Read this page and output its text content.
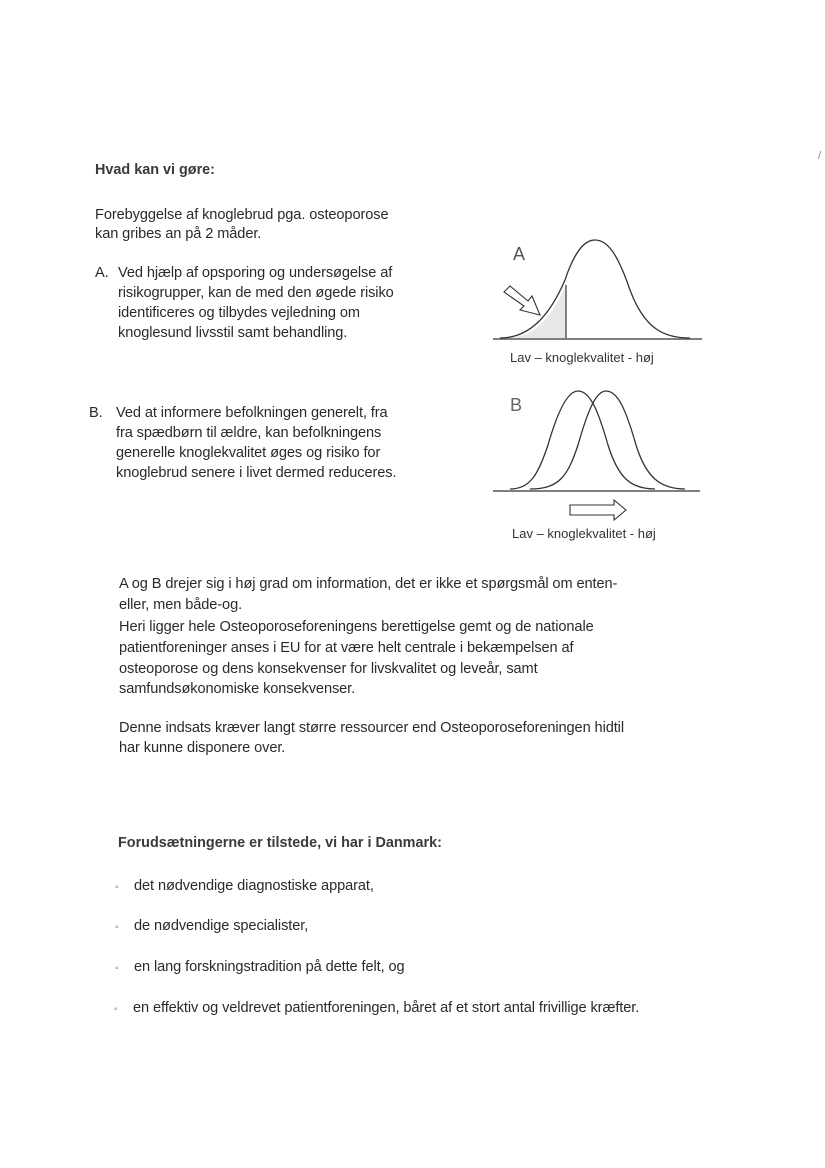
/
Hvad kan vi gøre:
Forebyggelse af knoglebrud pga. osteoporose
kan gribes an på 2 måder.
A. Ved hjælp af opsporing og undersøgelse af
risikogrupper, kan de med den øgede risiko
identificeres og tilbydes vejledning om
knoglesund livsstil samt behandling.
A
Lav – knoglekvalitet - høj
B. Ved at informere befolkningen generelt, fra
fra spædbørn til ældre, kan befolkningens
generelle knoglekvalitet øges og risiko for
knoglebrud senere i livet dermed reduceres.
B
Lav – knoglekvalitet - høj
A og B drejer sig i høj grad om information, det er ikke et spørgsmål om enten-
eller, men både-og.
Heri ligger hele Osteoporoseforeningens berettigelse gemt og de nationale
patientforeninger anses i EU for at være helt centrale i bekæmpelsen af
osteoporose og dens konsekvenser for livskvalitet og leveår, samt
samfundsøkonomiske konsekvenser.
Denne indsats kræver langt større ressourcer end Osteoporoseforeningen hidtil
har kunne disponere over.
Forudsætningerne er tilstede, vi har i Danmark:
◦ det nødvendige diagnostiske apparat,
◦ de nødvendige specialister,
◦ en lang forskningstradition på dette felt, og
◦ en effektiv og veldrevet patientforeningen, båret af et stort antal frivillige kræfter.
